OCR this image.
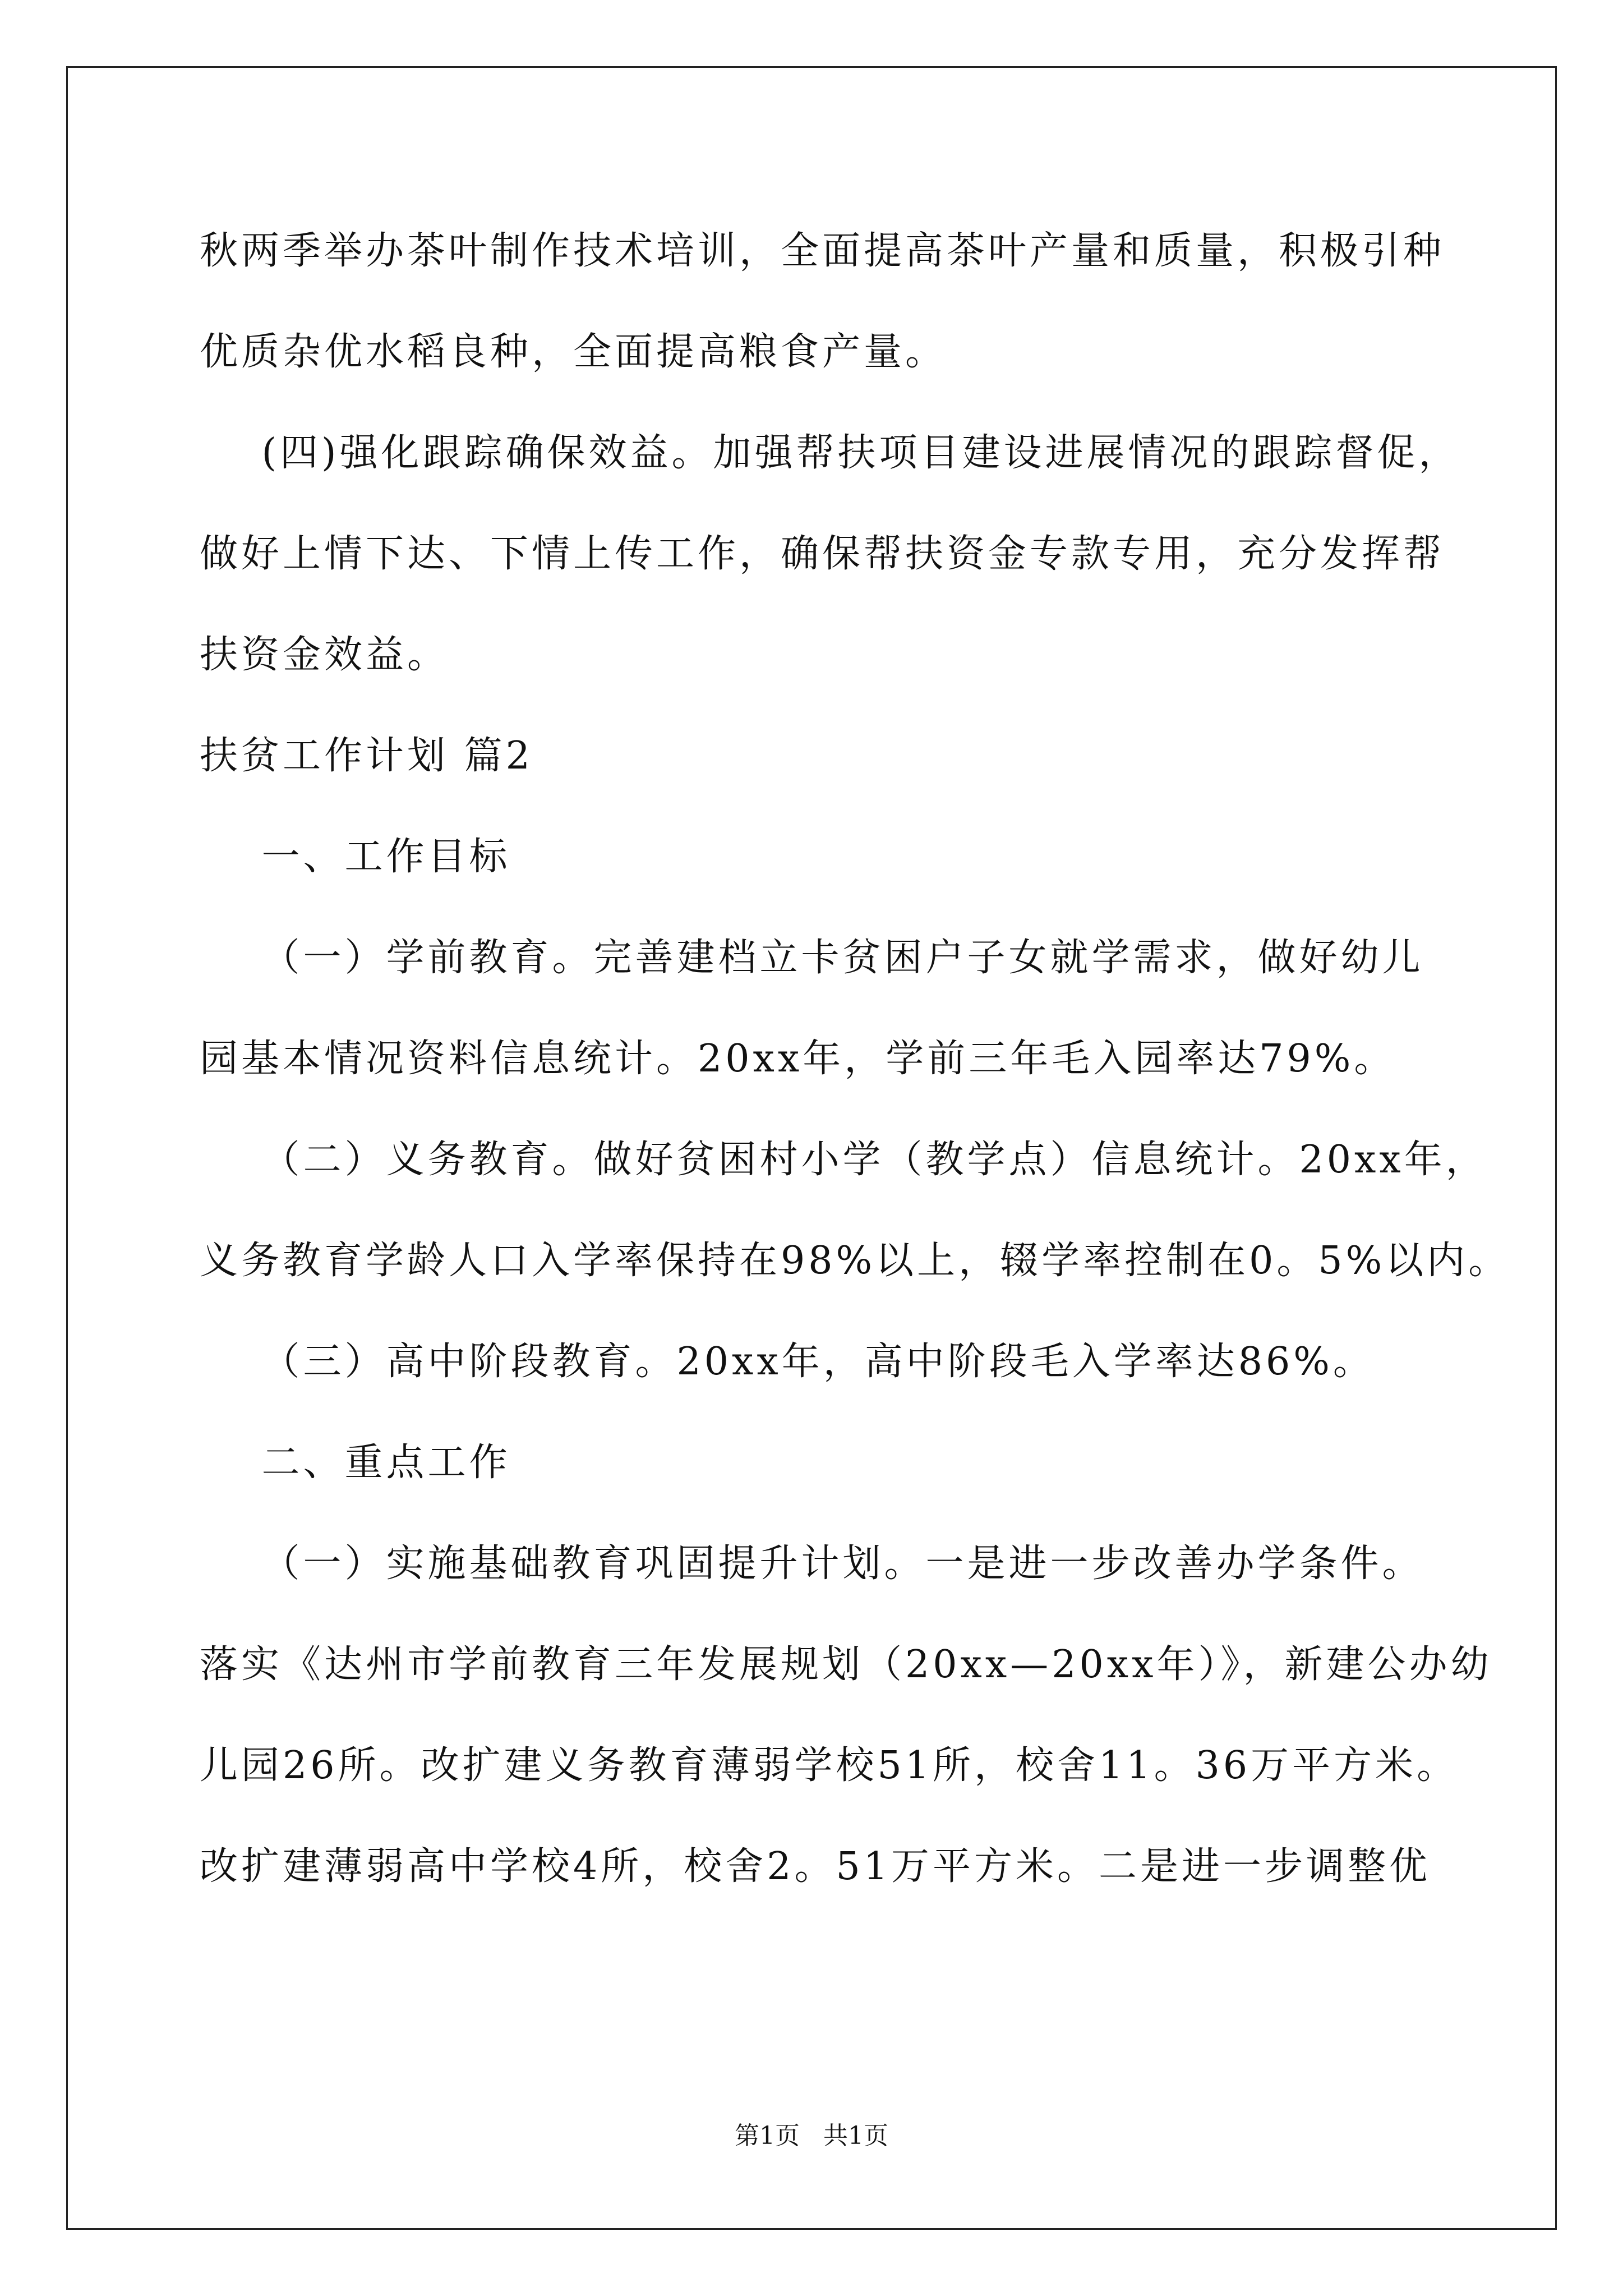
秋两季举办茶叶制作技术培训，全面提高茶叶产量和质量，积极引种
优质杂优水稻良种，全面提高粮食产量。
(四)强化跟踪确保效益。加强帮扶项目建设进展情况的跟踪督促，
做好上情下达、下情上传工作，确保帮扶资金专款专用，充分发挥帮
扶资金效益。
扶贫工作计划 篇2
一、工作目标
（一）学前教育。完善建档立卡贫困户子女就学需求，做好幼儿
园基本情况资料信息统计。20xx年，学前三年毛入园率达79%。
（二）义务教育。做好贫困村小学（教学点）信息统计。20xx年，
义务教育学龄人口入学率保持在98%以上，辍学率控制在0。5%以内。
（三）高中阶段教育。20xx年，高中阶段毛入学率达86%。
二、重点工作
（一）实施基础教育巩固提升计划。一是进一步改善办学条件。
落实《达州市学前教育三年发展规划（20xx—20xx年）》，新建公办幼
儿园26所。改扩建义务教育薄弱学校51所，校舍11。36万平方米。
改扩建薄弱高中学校4所，校舍2。51万平方米。二是进一步调整优
第1页   共1页
